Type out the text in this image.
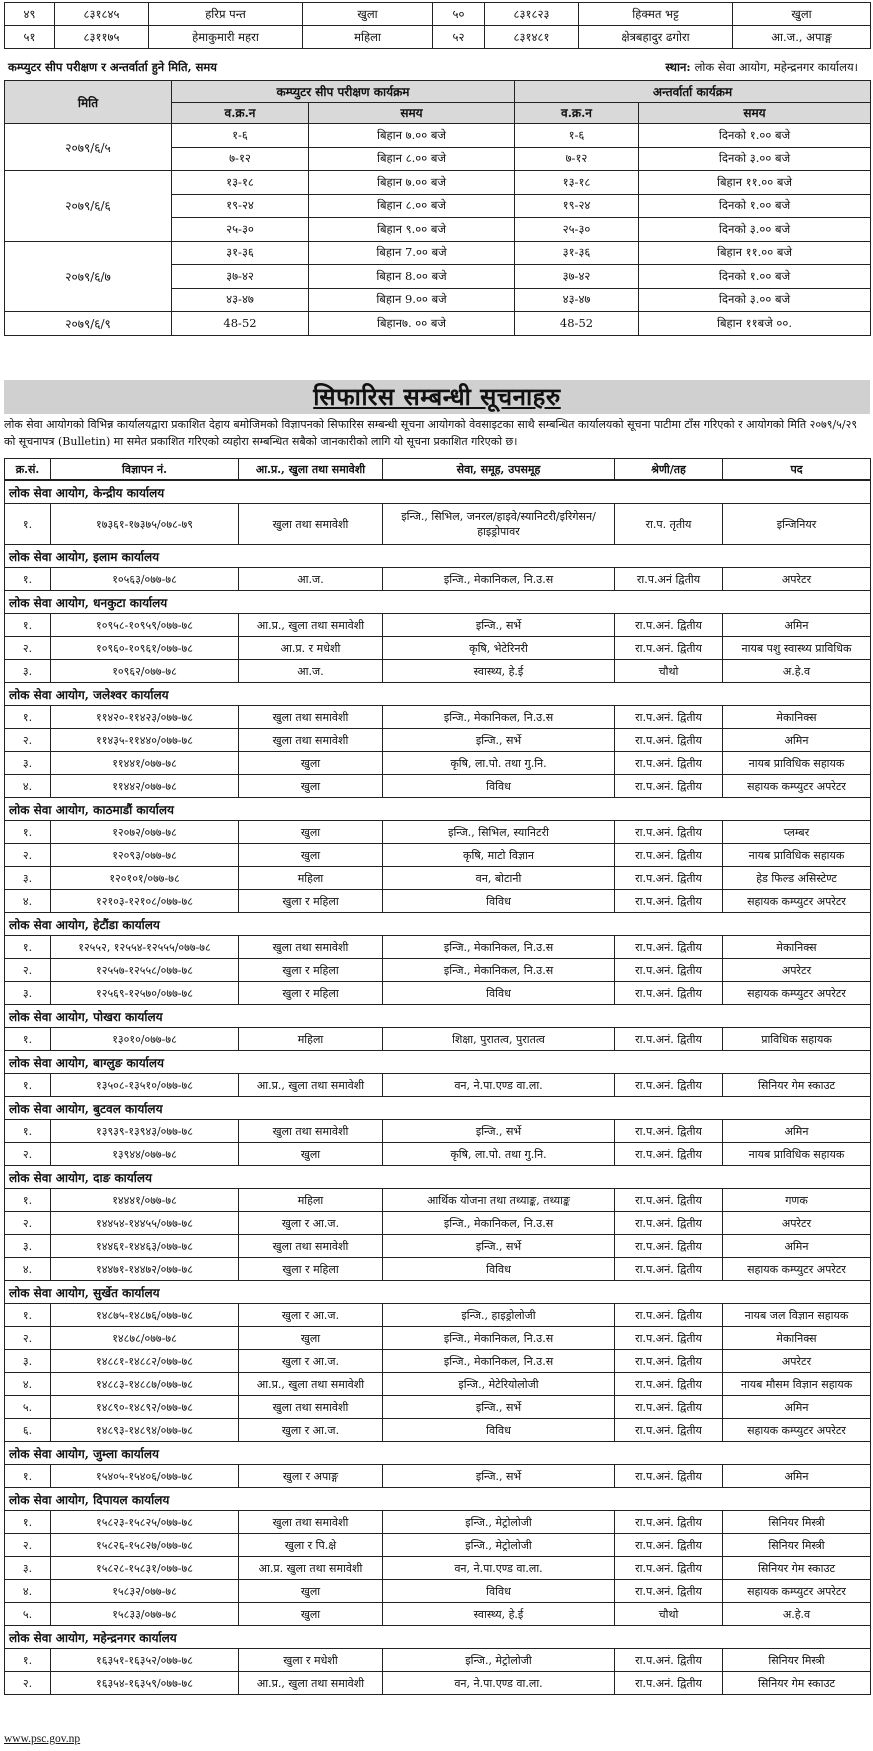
४९	८३१८४५	हरिप्र पन्त	खुला	५०	८३१८२३	हिक्मत भट्ट	खुला
५१	८३११७५	हेमाकुमारी महरा	महिला	५२	८३१४८१	क्षेत्रबहादुर ढगोरा	आ.ज., अपाङ्ग
कम्प्युटर सीप परीक्षण र अन्तर्वार्ता हुने मिति, समय	स्थान: लोक सेवा आयोग, महेन्द्रनगर कार्यालय।
मिति	कम्प्युटर सीप परीक्षण कार्यक्रम		अन्तर्वार्ता कार्यक्रम	
	व.क्र.न	समय	व.क्र.न	समय
२०७९/६/५	१-६	बिहान ७.०० बजे	१-६	दिनको १.०० बजे
	७-१२	बिहान ८.०० बजे	७-१२	दिनको ३.०० बजे
२०७९/६/६	१३-१८	बिहान ७.०० बजे	१३-१८	बिहान ११.०० बजे
	१९-२४	बिहान ८.०० बजे	१९-२४	दिनको १.०० बजे
	२५-३०	बिहान ९.०० बजे	२५-३०	दिनको ३.०० बजे
२०७९/६/७	३१-३६	बिहान 7.०० बजे	३१-३६	बिहान ११.०० बजे
	३७-४२	बिहान 8.०० बजे	३७-४२	दिनको १.०० बजे
	४३-४७	बिहान 9.०० बजे	४३-४७	दिनको ३.०० बजे
२०७९/६/९	48-52	बिहान७. ०० बजे	48-52	बिहान ११बजे ००.
सिफारिस सम्बन्धी सूचनाहरु
लोक सेवा आयोगको विभिन्न कार्यालयद्वारा प्रकाशित देहाय बमोजिमको विज्ञापनको सिफारिस सम्बन्धी सूचना आयोगको वेवसाइटका साथै सम्बन्धित कार्यालयको सूचना पाटीमा टाँस गरिएको र आयोगको मिति २०७९/५/२९ को सूचनापत्र (Bulletin) मा समेत प्रकाशित गरिएको व्यहोरा सम्बन्धित सबैको जानकारीको लागि यो सूचना प्रकाशित गरिएको छ।
क्र.सं.	विज्ञापन नं.	आ.प्र., खुला तथा समावेशी	सेवा, समूह, उपसमूह	श्रेणी/तह	पद
लोक सेवा आयोग, केन्द्रीय कार्यालय					
१.	१७३६१-१७३७५/०७८-७९	खुला तथा समावेशी	इन्जि., सिभिल, जनरल/हाइवे/स्यानिटरी/इरिगेसन/हाइड्रोपावर	रा.प. तृतीय	इन्जिनियर
लोक सेवा आयोग, इलाम कार्यालय					
१.	१०५६३/०७७-७८	आ.ज.	इन्जि., मेकानिकल, नि.उ.स	रा.प.अनं द्वितीय	अपरेटर
लोक सेवा आयोग, धनकुटा कार्यालय					
१.	१०९५८-१०९५९/०७७-७८	आ.प्र., खुला तथा समावेशी	इन्जि., सर्भे	रा.प.अनं. द्वितीय	अमिन
२.	१०९६०-१०९६१/०७७-७८	आ.प्र. र मधेशी	कृषि, भेटेरिनरी	रा.प.अनं. द्वितीय	नायब पशु स्वास्थ्य प्राविधिक
३.	१०९६२/०७७-७८	आ.ज.	स्वास्थ्य, हे.ई	चौथो	अ.हे.व
लोक सेवा आयोग, जलेश्वर कार्यालय					
१.	११४२०-११४२३/०७७-७८	खुला तथा समावेशी	इन्जि., मेकानिकल, नि.उ.स	रा.प.अनं. द्वितीय	मेकानिक्स
२.	११४३५-११४४०/०७७-७८	खुला तथा समावेशी	इन्जि., सर्भे	रा.प.अनं. द्वितीय	अमिन
३.	११४४१/०७७-७८	खुला	कृषि, ला.पो. तथा गु.नि.	रा.प.अनं. द्वितीय	नायब प्राविधिक सहायक
४.	११४४२/०७७-७८	खुला	विविध	रा.प.अनं. द्वितीय	सहायक कम्प्युटर अपरेटर
लोक सेवा आयोग, काठमाडौं कार्यालय					
१.	१२०७२/०७७-७८	खुला	इन्जि., सिभिल, स्यानिटरी	रा.प.अनं. द्वितीय	प्लम्बर
२.	१२०९३/०७७-७८	खुला	कृषि, माटो विज्ञान	रा.प.अनं. द्वितीय	नायब प्राविधिक सहायक
३.	१२०१०१/०७७-७८	महिला	वन, बोटानी	रा.प.अनं. द्वितीय	हेड फिल्ड असिस्टेण्ट
४.	१२१०३-१२१०८/०७७-७८	खुला र महिला	विविध	रा.प.अनं. द्वितीय	सहायक कम्प्युटर अपरेटर
लोक सेवा आयोग, हेटौंडा कार्यालय					
१.	१२५५२, १२५५४-१२५५५/०७७-७८	खुला तथा समावेशी	इन्जि., मेकानिकल, नि.उ.स	रा.प.अनं. द्वितीय	मेकानिक्स
२.	१२५५७-१२५५८/०७७-७८	खुला र महिला	इन्जि., मेकानिकल, नि.उ.स	रा.प.अनं. द्वितीय	अपरेटर
३.	१२५६९-१२५७०/०७७-७८	खुला र महिला	विविध	रा.प.अनं. द्वितीय	सहायक कम्प्युटर अपरेटर
लोक सेवा आयोग, पोखरा कार्यालय					
१.	१३०१०/०७७-७८	महिला	शिक्षा, पुरातत्व, पुरातत्व	रा.प.अनं. द्वितीय	प्राविधिक सहायक
लोक सेवा आयोग, बाग्लुङ कार्यालय					
१.	१३५०८-१३५१०/०७७-७८	आ.प्र., खुला तथा समावेशी	वन, ने.पा.एण्ड वा.ला.	रा.प.अनं. द्वितीय	सिनियर गेम स्काउट
लोक सेवा आयोग, बुटवल कार्यालय					
१.	१३९३९-१३९४३/०७७-७८	खुला तथा समावेशी	इन्जि., सर्भे	रा.प.अनं. द्वितीय	अमिन
२.	१३९४४/०७७-७८	खुला	कृषि, ला.पो. तथा गु.नि.	रा.प.अनं. द्वितीय	नायब प्राविधिक सहायक
लोक सेवा आयोग, दाङ कार्यालय					
१.	१४४४१/०७७-७८	महिला	आर्थिक योजना तथा तथ्याङ्क, तथ्याङ्क	रा.प.अनं. द्वितीय	गणक
२.	१४४५४-१४४५५/०७७-७८	खुला र आ.ज.	इन्जि., मेकानिकल, नि.उ.स	रा.प.अनं. द्वितीय	अपरेटर
३.	१४४६१-१४४६३/०७७-७८	खुला तथा समावेशी	इन्जि., सर्भे	रा.प.अनं. द्वितीय	अमिन
४.	१४४७१-१४४७२/०७७-७८	खुला र महिला	विविध	रा.प.अनं. द्वितीय	सहायक कम्प्युटर अपरेटर
लोक सेवा आयोग, सुर्खेत कार्यालय					
१.	१४८७५-१४८७६/०७७-७८	खुला र आ.ज.	इन्जि., हाइड्रोलोजी	रा.प.अनं. द्वितीय	नायब जल विज्ञान सहायक
२.	१४८७८/०७७-७८	खुला	इन्जि., मेकानिकल, नि.उ.स	रा.प.अनं. द्वितीय	मेकानिक्स
३.	१४८८१-१४८८२/०७७-७८	खुला र आ.ज.	इन्जि., मेकानिकल, नि.उ.स	रा.प.अनं. द्वितीय	अपरेटर
४.	१४८८३-१४८८७/०७७-७८	आ.प्र., खुला तथा समावेशी	इन्जि., मेटेरियोलोजी	रा.प.अनं. द्वितीय	नायब मौसम विज्ञान सहायक
५.	१४८९०-१४८९२/०७७-७८	खुला तथा समावेशी	इन्जि., सर्भे	रा.प.अनं. द्वितीय	अमिन
६.	१४८९३-१४८९४/०७७-७८	खुला र आ.ज.	विविध	रा.प.अनं. द्वितीय	सहायक कम्प्युटर अपरेटर
लोक सेवा आयोग, जुम्ला कार्यालय					
१.	१५४०५-१५४०६/०७७-७८	खुला र अपाङ्ग	इन्जि., सर्भे	रा.प.अनं. द्वितीय	अमिन
लोक सेवा आयोग, दिपायल कार्यालय					
१.	१५८२३-१५८२५/०७७-७८	खुला तथा समावेशी	इन्जि., मेट्रोलोजी	रा.प.अनं. द्वितीय	सिनियर मिस्त्री
२.	१५८२६-१५८२७/०७७-७८	खुला र पि.क्षे	इन्जि., मेट्रोलोजी	रा.प.अनं. द्वितीय	सिनियर मिस्त्री
३.	१५८२८-१५८३१/०७७-७८	आ.प्र. खुला तथा समावेशी	वन, ने.पा.एण्ड वा.ला.	रा.प.अनं. द्वितीय	सिनियर गेम स्काउट
४.	१५८३२/०७७-७८	खुला	विविध	रा.प.अनं. द्वितीय	सहायक कम्प्युटर अपरेटर
५.	१५८३३/०७७-७८	खुला	स्वास्थ्य, हे.ई	चौथो	अ.हे.व
लोक सेवा आयोग, महेन्द्रनगर कार्यालय					
१.	१६३५१-१६३५२/०७७-७८	खुला र मधेशी	इन्जि., मेट्रोलोजी	रा.प.अनं. द्वितीय	सिनियर मिस्त्री
२.	१६३५४-१६३५९/०७७-७८	आ.प्र., खुला तथा समावेशी	वन, ने.पा.एण्ड वा.ला.	रा.प.अनं. द्वितीय	सिनियर गेम स्काउट
www.psc.gov.np
